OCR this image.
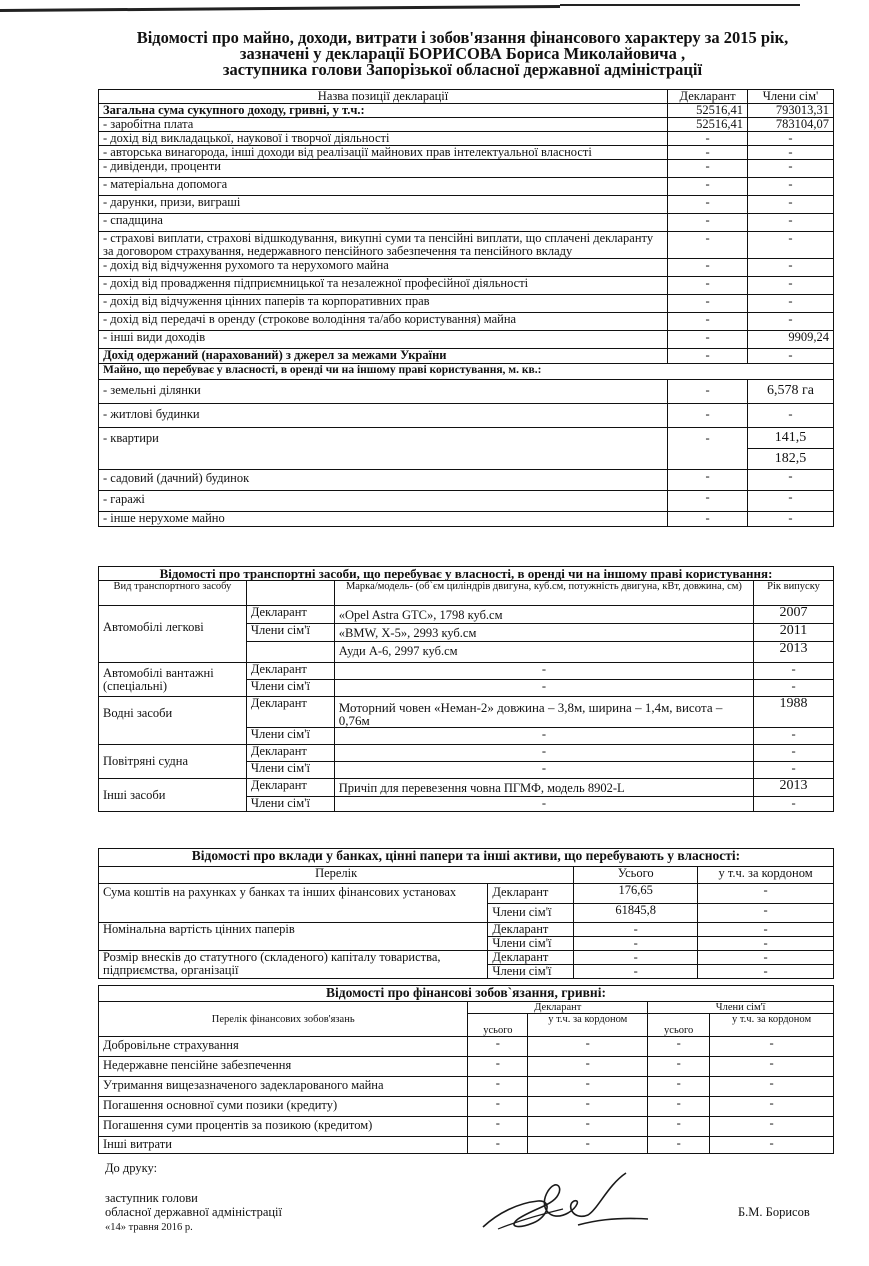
Відомості про майно, доходи, витрати і зобов'язання фінансового характеру за 2015 рік,
зазначені у декларації БОРИСОВА Бориса Миколайовича ,
заступника голови Запорізької обласної державної адміністрації
Назва позиції декларації	Декларант	Члени сім'
Загальна сума сукупного доходу, гривні, у т.ч.:	52516,41	793013,31
- заробітна плата	52516,41	783104,07
- дохід від викладацької, наукової і творчої діяльності	-	-
- авторська винагорода, інші доходи від реалізації майнових прав інтелектуальної власності	-	-
- дивіденди, проценти	-	-
- матеріальна допомога	-	-
- дарунки, призи, виграші	-	-
- спадщина	-	-
- страхові виплати, страхові відшкодування, викупні суми та пенсійні виплати, що сплачені декларанту за договором страхування, недержавного пенсійного забезпечення та пенсійного вкладу	-	-
- дохід від відчуження рухомого та нерухомого майна	-	-
- дохід від провадження підприємницької та незалежної професійної діяльності	-	-
- дохід від відчуження цінних паперів та корпоративних прав	-	-
- дохід від передачі в оренду (строкове володіння та/або користування) майна	-	-
- інші види доходів	-	9909,24
Дохід одержаний (нарахований) з джерел за межами України	-	-
Майно, що перебуває у власності, в оренді чи на іншому праві користування, м. кв.:		
- земельні ділянки	-	6,578 га
- житлові будинки	-	-
- квартири	-	141,5
		182,5
- садовий (дачний) будинок	-	-
- гаражі	-	-
- інше нерухоме майно	-	-
Відомості про транспортні засоби, що перебуває у власності, в оренді чи на іншому праві користування:			
Вид транспортного засобу		Марка/модель- (об`єм циліндрів двигуна, куб.см, потужність двигуна, кВт, довжина, см)	Рік випуску
Автомобілі легкові	Декларант	«Opel Astra GTC», 1798 куб.см	2007
	Члени сім'ї	«BMW, X-5», 2993 куб.см	2011
		Ауди А-6, 2997 куб.см	2013
Автомобілі вантажні (спеціальні)	Декларант	-	-
	Члени сім'ї	-	-
Водні засоби	Декларант	Моторний човен «Неман-2» довжина – 3,8м, ширина – 1,4м, висота – 0,76м	1988
	Члени сім'ї	-	-
Повітряні судна	Декларант	-	-
	Члени сім'ї	-	-
Інші засоби	Декларант	Причіп для перевезення човна ПГМФ, модель 8902-L	2013
	Члени сім'ї	-	-
Відомості про вклади у банках, цінні папери та інші активи, що перебувають у власності:			
Перелік		Усього	у т.ч. за кордоном
Сума коштів на рахунках у банках та інших фінансових установах	Декларант	176,65	-
	Члени сім'ї	61845,8	-
Номінальна вартість цінних паперів	Декларант	-	-
	Члени сім'ї	-	-
Розмір внесків до статутного (складеного) капіталу товариства, підприємства, організації	Декларант	-	-
	Члени сім'ї	-	-
Відомості про фінансові зобов`язання, гривні:				
Перелік фінансових зобов'язань	Декларант		Члени сім'ї	
	усього	у т.ч. за кордоном	усього	у т.ч. за кордоном
Добровільне страхування	-	-	-	-
Недержавне пенсійне забезпечення	-	-	-	-
Утримання вищезазначеного задекларованого майна	-	-	-	-
Погашення основної суми позики (кредиту)	-	-	-	-
Погашення суми процентів за позикою (кредитом)	-	-	-	-
Інші витрати	-	-	-	-
До друку:
заступник голови
обласної державної адміністрації
«14» травня 2016 р.
Б.М. Борисов
